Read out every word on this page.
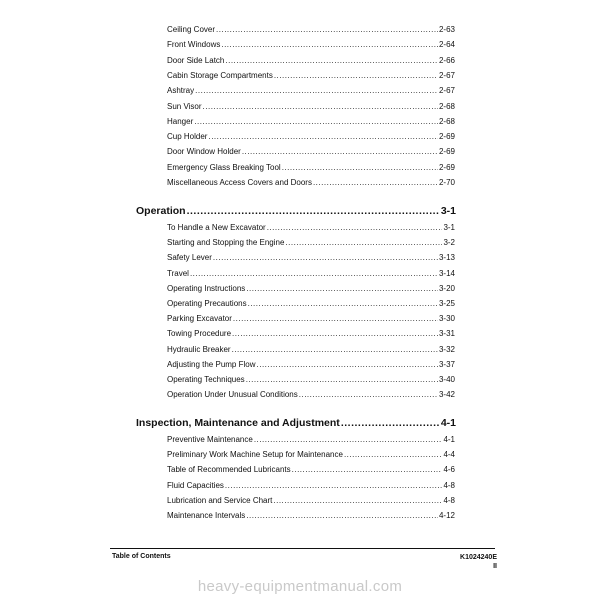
Ceiling Cover .....	2-63
Front Windows .....	2-64
Door Side Latch .....	2-66
Cabin Storage Compartments .....	2-67
Ashtray .....	2-67
Sun Visor .....	2-68
Hanger .....	2-68
Cup Holder .....	2-69
Door Window Holder .....	2-69
Emergency Glass Breaking Tool .....	2-69
Miscellaneous Access Covers and Doors .....	2-70
Operation .....	3-1
To Handle a New Excavator .....	3-1
Starting and Stopping the Engine .....	3-2
Safety Lever .....	3-13
Travel .....	3-14
Operating Instructions .....	3-20
Operating Precautions .....	3-25
Parking Excavator .....	3-30
Towing Procedure .....	3-31
Hydraulic Breaker .....	3-32
Adjusting the Pump Flow .....	3-37
Operating Techniques .....	3-40
Operation Under Unusual Conditions .....	3-42
Inspection, Maintenance and Adjustment .....	4-1
Preventive Maintenance .....	4-1
Preliminary Work Machine Setup for Maintenance .....	4-4
Table of Recommended Lubricants .....	4-6
Fluid Capacities .....	4-8
Lubrication and Service Chart .....	4-8
Maintenance Intervals .....	4-12
Table of Contents	K1024240E
II
heavy-equipmentmanual.com
